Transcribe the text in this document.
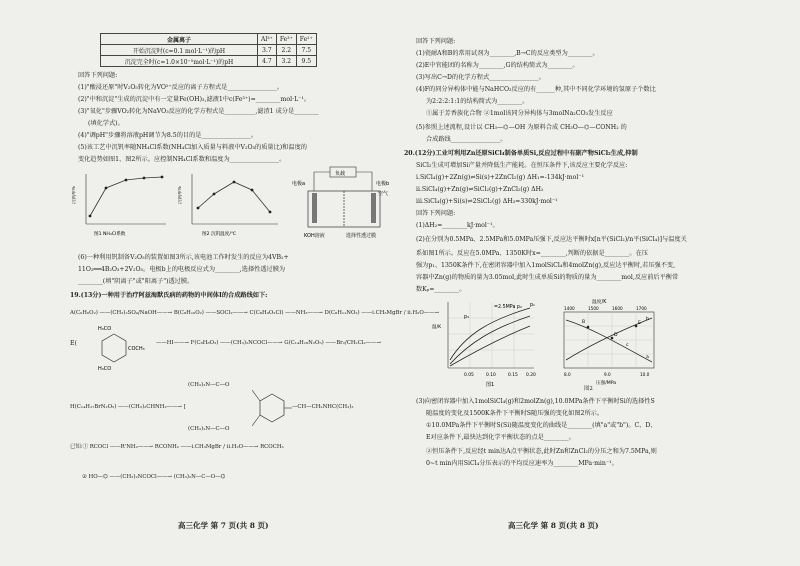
金属离子	Al³⁺	Fe³⁺	Fe²⁺
开始沉淀时(c=0.1 mol·L⁻¹)的pH	3.7	2.2	7.5
沉淀完全时(c=1.0×10⁻⁵mol·L⁻¹)的pH	4.7	3.2	9.5
回答下列问题:
(1)"酸浸还原"时V₂O₅转化为VO²⁺反应的离子方程式是________________。
(2)"中和沉淀"生成的沉淀中有一定量Fe(OH)₃,滤液1中c(Fe³⁺)=________mol·L⁻¹。
(3)"氧化"步骤VO₂转化为NaVO₃反应的化学方程式是__________,滤渣1 成分是________
(填化学式)。
(4)"调pH"步骤将溶液pH调节为8.5的目的是________________。
(5)该工艺中沉钒率随NH₄Cl系数(NH₄Cl加入质量与料液中V₂O₅的质量比)和温度的
变化趋势如图1、图2所示。应控制NH₄Cl系数和温度为________________。
沉钒率%
图1 NH₄Cl系数
沉钒率%
图2 沉钒温度/℃
负载
电极a	电极b
空气
KOH溶液	选择性透过膜
(6)一种利用钒制备V₂O₅的装置如图3所示,该电池工作时发生的反应为4VB₂+
11O₂══4B₂O₃+2V₂O₅。电极b上的电极反应式为________,选择性透过膜为
________(填"阴离子"或"阳离子")透过膜。
19.(13分)一种用于治疗阿兹海默氏病的药物的中间体I的合成路线如下:
A(C₆H₆O₂) ——(CH₃)₂SO₄/NaOH——→ B(C₈H₁₀O₂) ——SOCl₂——→ C(C₈H₉O₂Cl) ——NH₃——→ D(C₈H₁₁NO₂) ——i.CH₃MgBr / ii.H₂O——→
H₃CO
H₃CO
COCH₃
E(	——HI——→ F(C₈H₈O₃) ——(CH₃)₂NCOCl——→ G(C₁₄H₁₈N₂O₅) ——Br₂/CH₂Cl₂——→
H(C₁₄H₁₇BrN₂O₅) ——(CH₃)₂CHNH₂——→ [
(CH₃)₂N—C—O
(CH₃)₂N—C—O
—CH—CH₂NHC(CH₃)₃
已知:① RCOCl ——R'NH₂——→ RCONH₂ ——i.CH₃MgBr / ii.H₂O——→ RCOCH₃
② HO—⌬ ——(CH₃)₂NCOCl——→ (CH₃)₂N—C—O—⌬
高三化学 第 7 页(共 8 页)
回答下列问题:
(1)瓷耐A和B的常用试剂为________,B→C的反应类型为________。
(2)E中官能团的名称为________,G的结构简式为________。
(3)写出C→D的化学方程式________________。
(4)F的同分异构体中能与NaHCO₃反应的有______种,其中不同化学环境的氢原子个数比
为2:2:2:1:1的结构简式为________。
①属于芳香族化合物 ②1mol该同分异构体与3molNa₂CO₃发生反应
(5)参照上述流程,设计以 CH₃—⌬—OH 为原料合成 CH₃O—⌬—CONH₂ 的
合成路线________________。
20.(12分)工业可利用Zn还原SiCl₄制备单质Si,反应过程中有副产物SiCl₂生成,抑制
SiCl₂生成可增加Si产量并降低生产能耗。在恒压条件下,该反应主要化学反应:
i.SiCl₄(g)+2Zn(g)⇌Si(s)+2ZnCl₂(g) ΔH₁=-134kJ·mol⁻¹
ii.SiCl₄(g)+Zn(g)⇌SiCl₂(g)+ZnCl₂(g) ΔH₂
iii.SiCl₄(g)+Si(s)⇌2SiCl₂(g) ΔH₃=330kJ·mol⁻¹
回答下列问题:
(1)ΔH₂=________kJ·mol⁻¹。
(2)在分别为0.5MPa、2.5MPa和5.0MPa压强下,反应达平衡时x[n平(SiCl₂)/n平(SiCl₄)]与温度关
系如图1所示。反应在5.0MPa、1350K时x=________,判断的依据是________。在压
强为p₁、1350K条件下,在密闭容器中加入1molSiCl₄和4molZn(g),反应达平衡时,若压强不变,
容器中Zn(g)的物质的量为3.05mol,此时生成单质Si的物质的量为________mol,反应前后平衡常
数Kₚ=________。
=2.5MPa p₂ p₁
p₃
温/K
0.05	0.10	0.15 0.20
图1
温度/K
1400	1500	1600	1700
B
D
E
a
b
c
8.0	9.0	10.0
压强/MPa
图2
(3)向密闭容器中加入1molSiCl₄(g)和2molZn(g),10.0MPa条件下平衡时Si的选择性S
随温度的变化及1500K条件下平衡时S随压强的变化如图2所示。
①10.0MPa条件下平衡时S(Si)随温度变化的曲线是________(填"a"或"b")。C、D、
E对应条件下,最快达到化学平衡状态的点是________。
②恒压条件下,反应经t min达A点平衡状态,此时Zn和ZnCl₂的分压之和为7.5MPa,则
0~t min内用SiCl₄分压表示的平均反应速率为________MPa·min⁻¹。
高三化学 第 8 页(共 8 页)
